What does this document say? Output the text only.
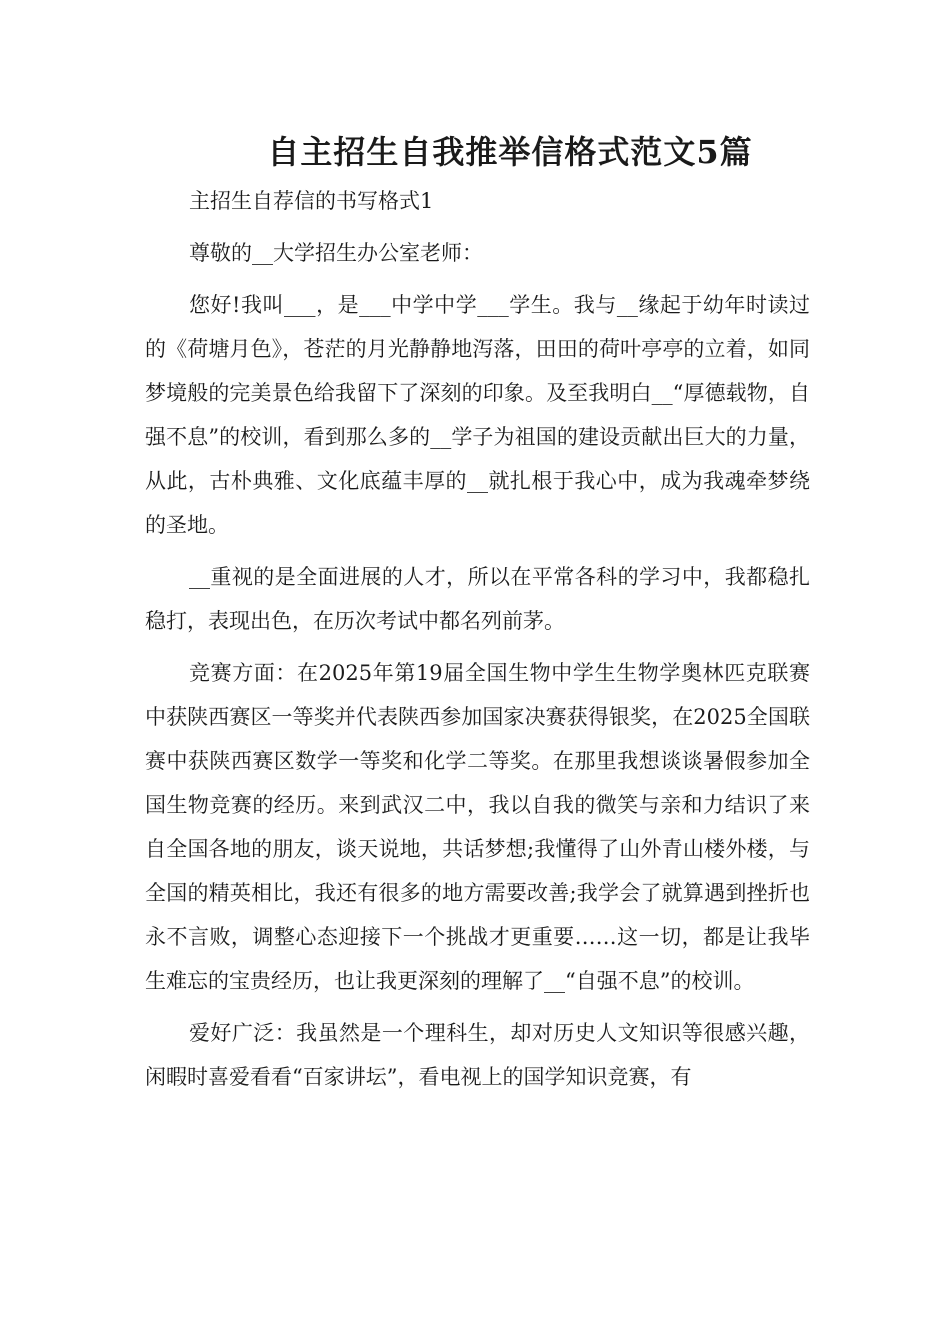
自主招生自我推举信格式范文5篇

主招生自荐信的书写格式1

尊敬的__大学招生办公室老师：

您好!我叫___，是___中学中学___学生。我与__缘起于幼年时读过的《荷塘月色》，苍茫的月光静静地泻落，田田的荷叶亭亭的立着，如同梦境般的完美景色给我留下了深刻的印象。及至我明白__“厚德载物，自强不息”的校训，看到那么多的__学子为祖国的建设贡献出巨大的力量，从此，古朴典雅、文化底蕴丰厚的__就扎根于我心中，成为我魂牵梦绕的圣地。

__重视的是全面进展的人才，所以在平常各科的学习中，我都稳扎稳打，表现出色，在历次考试中都名列前茅。

竞赛方面：在2025年第19届全国生物中学生生物学奥林匹克联赛中获陕西赛区一等奖并代表陕西参加国家决赛获得银奖，在2025全国联赛中获陕西赛区数学一等奖和化学二等奖。在那里我想谈谈暑假参加全国生物竞赛的经历。来到武汉二中，我以自我的微笑与亲和力结识了来自全国各地的朋友，谈天说地，共话梦想;我懂得了山外青山楼外楼，与全国的精英相比，我还有很多的地方需要改善;我学会了就算遇到挫折也永不言败，调整心态迎接下一个挑战才更重要……这一切，都是让我毕生难忘的宝贵经历，也让我更深刻的理解了__“自强不息”的校训。

爱好广泛：我虽然是一个理科生，却对历史人文知识等很感兴趣，闲暇时喜爱看看“百家讲坛”，看电视上的国学知识竞赛，有
